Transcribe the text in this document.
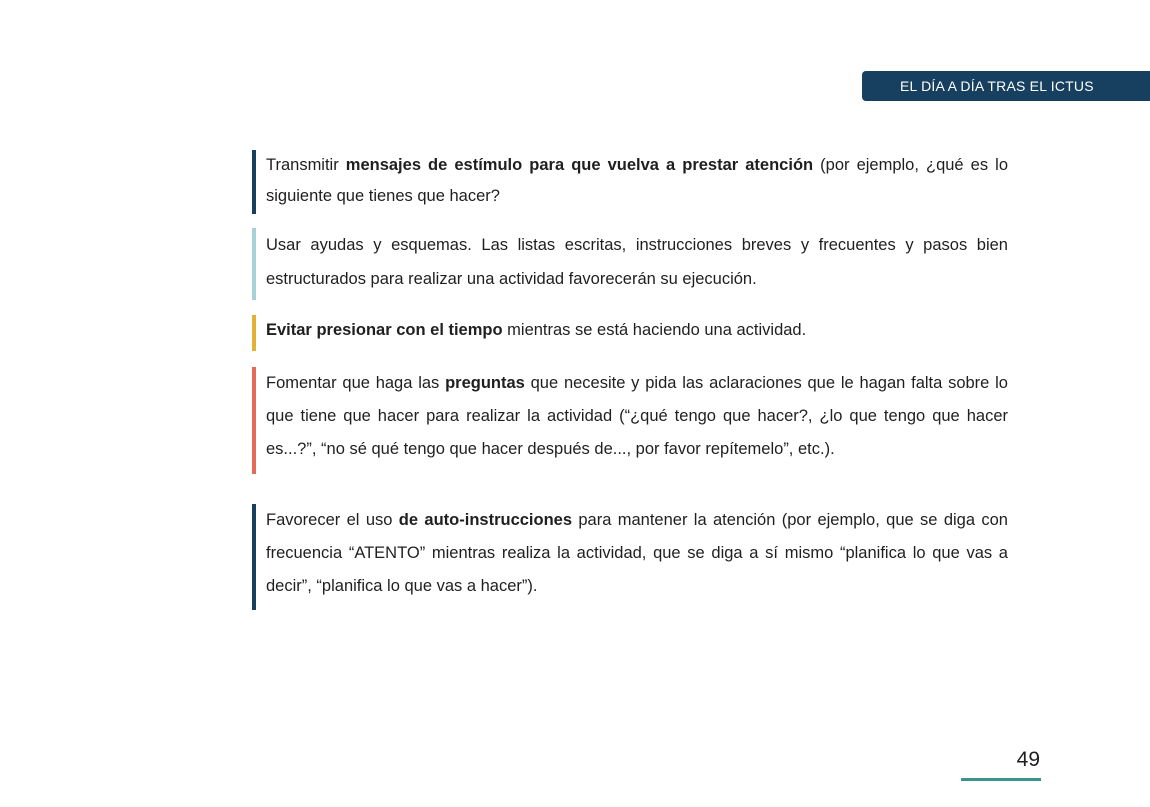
EL DÍA A DÍA TRAS EL ICTUS

Transmitir mensajes de estímulo para que vuelva a prestar atención (por ejemplo, ¿qué es lo siguiente que tienes que hacer?

Usar ayudas y esquemas. Las listas escritas, instrucciones breves y frecuentes y pasos bien estructurados para realizar una actividad favorecerán su ejecución.

Evitar presionar con el tiempo mientras se está haciendo una actividad.

Fomentar que haga las preguntas que necesite y pida las aclaraciones que le hagan falta sobre lo que tiene que hacer para realizar la actividad (“¿qué tengo que hacer?, ¿lo que tengo que hacer es...?”, “no sé qué tengo que hacer después de..., por favor repítemelo”, etc.).

Favorecer el uso de auto-instrucciones para mantener la atención (por ejemplo, que se diga con frecuencia “ATENTO” mientras realiza la actividad, que se diga a sí mismo “planifica lo que vas a decir”, “planifica lo que vas a hacer”).

49
